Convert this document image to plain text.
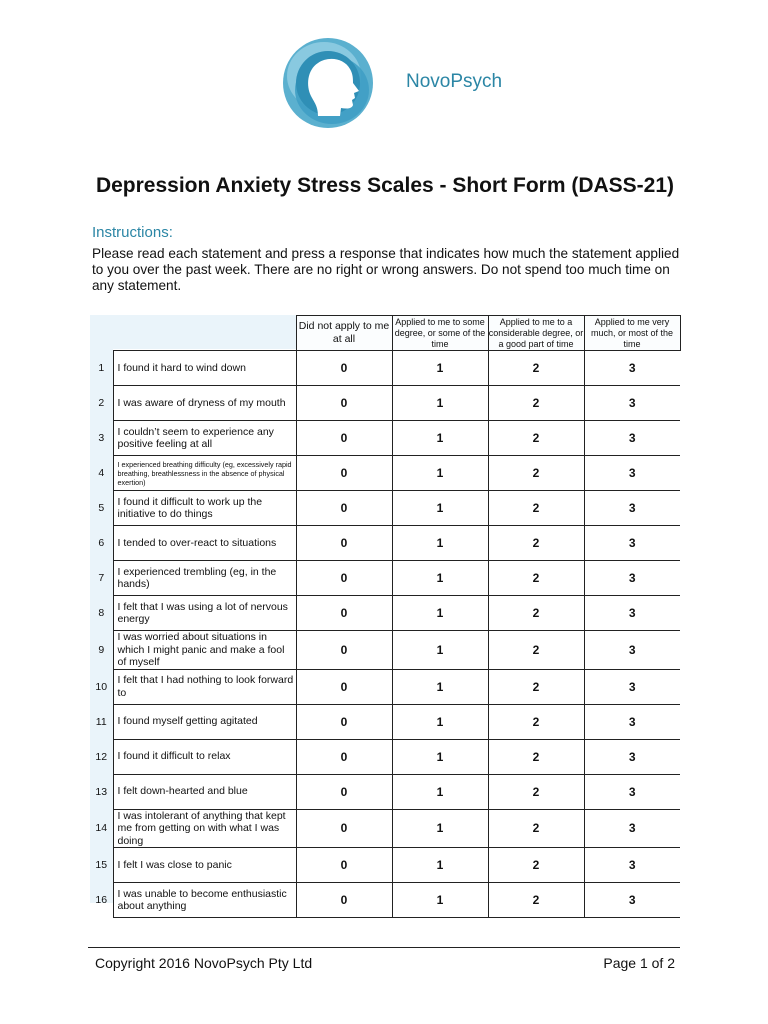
NovoPsych
Depression Anxiety Stress Scales - Short Form (DASS-21)
Instructions:
Please read each statement and press a response that indicates how much the statement applied to you over the past week. There are no right or wrong answers. Do not spend too much time on any statement.
		Did not apply to me at all	Applied to me to some degree, or some of the time	Applied to me to a considerable degree, or a good part of time	Applied to me very much, or most of the time
1	I found it hard to wind down	0	1	2	3
2	I was aware of dryness of my mouth	0	1	2	3
3	I couldn’t seem to experience any positive feeling at all	0	1	2	3
4	I experienced breathing difficulty (eg, excessively rapid breathing, breathlessness in the absence of physical exertion)	0	1	2	3
5	I found it difficult to work up the initiative to do things	0	1	2	3
6	I tended to over-react to situations	0	1	2	3
7	I experienced trembling (eg, in the hands)	0	1	2	3
8	I felt that I was using a lot of nervous energy	0	1	2	3
9	I was worried about situations in which I might panic and make a fool of myself	0	1	2	3
10	I felt that I had nothing to look forward to	0	1	2	3
11	I found myself getting agitated	0	1	2	3
12	I found it difficult to relax	0	1	2	3
13	I felt down-hearted and blue	0	1	2	3
14	I was intolerant of anything that kept me from getting on with what I was doing	0	1	2	3
15	I felt I was close to panic	0	1	2	3
16	I was unable to become enthusiastic about anything	0	1	2	3
Copyright 2016 NovoPsych Pty Ltd	Page 1 of 2
